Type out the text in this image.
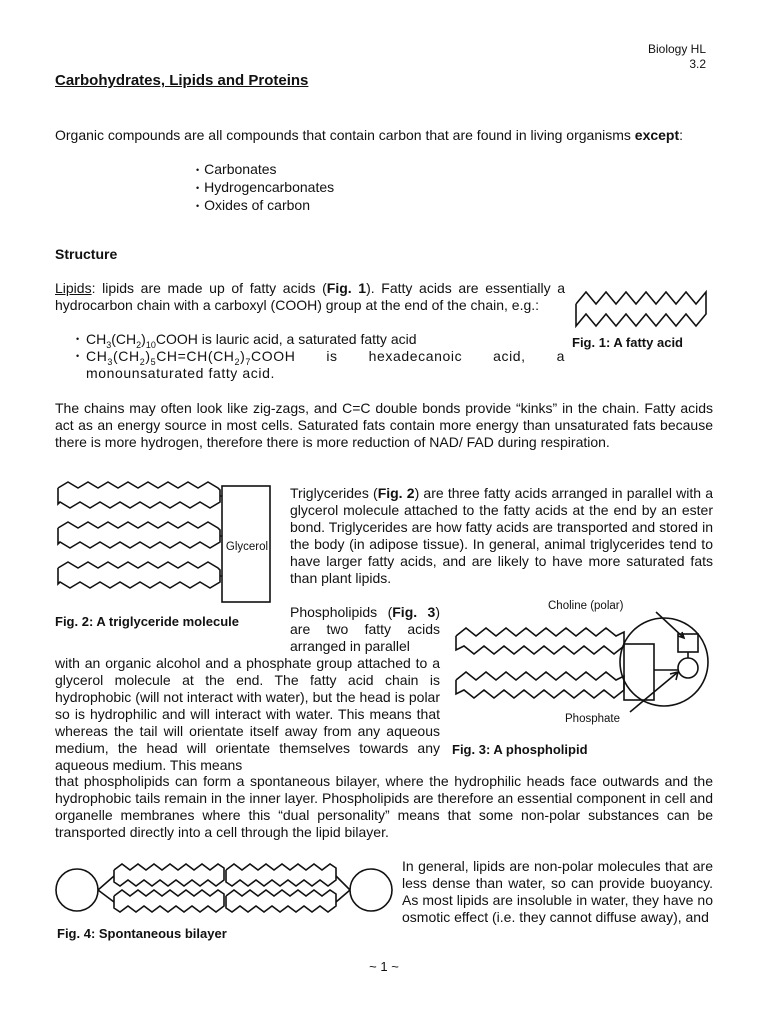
Biology HL
3.2
Carbohydrates, Lipids and Proteins

Organic compounds are all compounds that contain carbon that are found in living organisms except:

• Carbonates
• Hydrogencarbonates
• Oxides of carbon
Structure

Lipids: lipids are made up of fatty acids (Fig. 1). Fatty acids are essentially a hydrocarbon chain with a carboxyl (COOH) group at the end of the chain, e.g.:

• $CH_3(CH_2)_{10}COOH$ is lauric acid, a saturated fatty acid
• $CH_3(CH_2)_5CH=CH(CH_2)_7COOH$ is hexadecanoic acid, a monounsaturated fatty acid.
Fig. 1: A fatty acid

The chains may often look like zig-zags, and C=C double bonds provide “kinks” in the chain. Fatty acids act as an energy source in most cells. Saturated fats contain more energy than unsaturated fats because there is more hydrogen, therefore there is more reduction of NAD/ FAD during respiration.

Glycerol
Fig. 2: A triglyceride molecule

Triglycerides (Fig. 2) are three fatty acids arranged in parallel with a glycerol molecule attached to the fatty acids at the end by an ester bond. Triglycerides are how fatty acids are transported and stored in the body (in adipose tissue). In general, animal triglycerides tend to have larger fatty acids, and are likely to have more saturated fats than plant lipids.

Phospholipids (Fig. 3) are two fatty acids arranged in parallel

with an organic alcohol and a phosphate group attached to a glycerol molecule at the end. The fatty acid chain is hydrophobic (will not interact with water), but the head is polar so is hydrophilic and will interact with water. This means that whereas the tail will orientate itself away from any aqueous medium, the head will orientate themselves towards any aqueous medium. This means

that phospholipids can form a spontaneous bilayer, where the hydrophilic heads face outwards and the hydrophobic tails remain in the inner layer. Phospholipids are therefore an essential component in cell and organelle membranes where this “dual personality” means that some non-polar substances can be transported directly into a cell through the lipid bilayer.

Choline (polar)
Phosphate
Fig. 3: A phospholipid
Fig. 4: Spontaneous bilayer

In general, lipids are non-polar molecules that are less dense than water, so can provide buoyancy. As most lipids are insoluble in water, they have no osmotic effect (i.e. they cannot diffuse away), and

~ 1 ~
